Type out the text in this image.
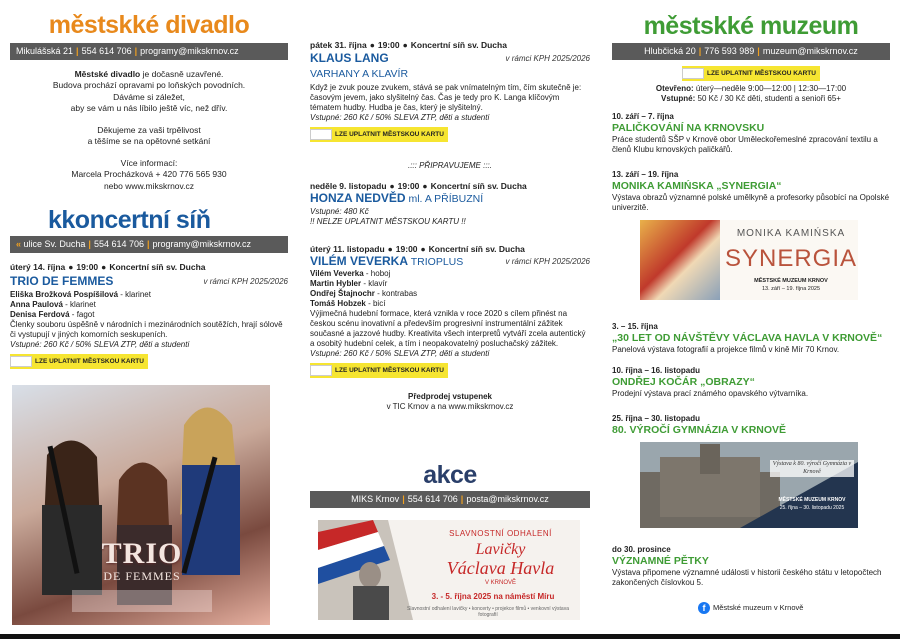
městskké divadlo
Mikulášská 21 | 554 614 706 | programy@mikskrnov.cz

Městské divadlo je dočasně uzavřené.

Budova prochází opravami po loňských povodních.

Dáváme si záležet,

aby se vám u nás líbilo ještě víc, než dřív.

Děkujeme za vaši trpělivost

a těšíme se na opětovné setkání

Více informací:

Marcela Procházková + 420 776 565 930

nebo www.mikskrnov.cz

kkoncertní síň
« ulice Sv. Ducha | 554 614 706 | programy@mikskrnov.cz
úterý 14. října ● 19:00 ● Koncertní síň sv. Ducha
v rámci KPH 2025/2026
TRIO DE FEMMES

Eliška Brožková Pospíšilová - klarinet

Anna Paulová - klarinet

Denisa Ferdová - fagot

Členky souboru úspěšně v národních i mezinárodních soutěžích, hrají sólově či vystupují v jiných komorních seskupeních.

Vstupné: 260 Kč / 50% SLEVA ZTP, děti a studenti

LZE UPLATNIT MĚSTSKOU KARTU
TRIO
DE FEMMES
pátek 31. října ● 19:00 ● Koncertní síň sv. Ducha
v rámci KPH 2025/2026
KLAUS LANG
VARHANY A KLAVÍR

Když je zvuk pouze zvukem, stává se pak vnímatelným tím, čím skutečně je: časovým jevem, jako slyšitelný čas. Čas je tedy pro K. Langa klíčovým tématem hudby. Hudba je čas, který je slyšitelný.

Vstupné: 260 Kč / 50% SLEVA ZTP, děti a studenti

LZE UPLATNIT MĚSTSKOU KARTU
.::: PŘIPRAVUJEME :::.
neděle 9. listopadu ● 19:00 ● Koncertní síň sv. Ducha
HONZA NEDVĚD ml. A PŘÍBUZNÍ

Vstupné: 480 Kč

!! NELZE UPLATNIT MĚSTSKOU KARTU !!

úterý 11. listopadu ● 19:00 ● Koncertní síň sv. Ducha
v rámci KPH 2025/2026
VILÉM VEVERKA TRIOPLUS

Vilém Veverka - hoboj

Martin Hybler - klavír

Ondřej Štajnochr - kontrabas

Tomáš Hobzek - bicí

Výjimečná hudební formace, která vznikla v roce 2020 s cílem přinést na českou scénu inovativní a především progresivní instrumentální zážitek současné a jazzové hudby. Kreativita všech interpretů vytváří zcela autentický a osobitý hudební celek, a tím i neopakovatelný posluchačský zážitek.

Vstupné: 260 Kč / 50% SLEVA ZTP, děti a studenti

LZE UPLATNIT MĚSTSKOU KARTU

Předprodej vstupenek

v TIC Krnov a na www.mikskrnov.cz

akce
MIKS Krnov | 554 614 706 | posta@mikskrnov.cz
SLAVNOSTNÍ ODHALENÍ
Lavičky
Václava Havla
V KRNOVĚ
3. - 5. října 2025 na náměstí Míru
Slavnostní odhalení lavičky • koncerty • projekce filmů • venkovní výstava fotografií
městskké muzeum
Hlubčická 20 | 776 593 989 | muzeum@mikskrnov.cz
LZE UPLATNIT MĚSTSKOU KARTU

Otevřeno: úterý—neděle 9:00—12:00 | 12:30—17:00

Vstupné: 50 Kč / 30 Kč děti, studenti a senioři 65+

10. září – 7. října

PALIČKOVÁNÍ NA KRNOVSKU

Práce studentů SŠP v Krnově obor Uměleckořemeslné zpracování textilu a členů Klubu krnovských paličkářů.

13. září – 19. října

MONIKA KAMIŃSKA „SYNERGIA“

Výstava obrazů významné polské umělkyně a profesorky působící na Opolské univerzitě.

MONIKA KAMIŃSKA
SYNERGIA
MĚSTSKÉ MUZEUM KRNOV
13. září – 19. října 2025

3. – 15. října

„30 LET OD NÁVŠTĚVY VÁCLAVA HAVLA V KRNOVĚ“

Panelová výstava fotografií a projekce filmů v kině Mír 70 Krnov.

10. října – 16. listopadu

ONDŘEJ KOČÁR „OBRAZY“

Prodejní výstava prací známého opavského výtvarníka.

25. října – 30. listopadu

80. VÝROČÍ GYMNÁZIA V KRNOVĚ

Výstava k 80. výročí Gymnázia v Krnově
MĚSTSKÉ MUZEUM KRNOV
25. října – 30. listopadu 2025

do 30. prosince

VÝZNAMNÉ PĚTKY

Výstava připomene významné události v historii českého státu v letopočtech zakončených číslovkou 5.

f Městské muzeum v Krnově
